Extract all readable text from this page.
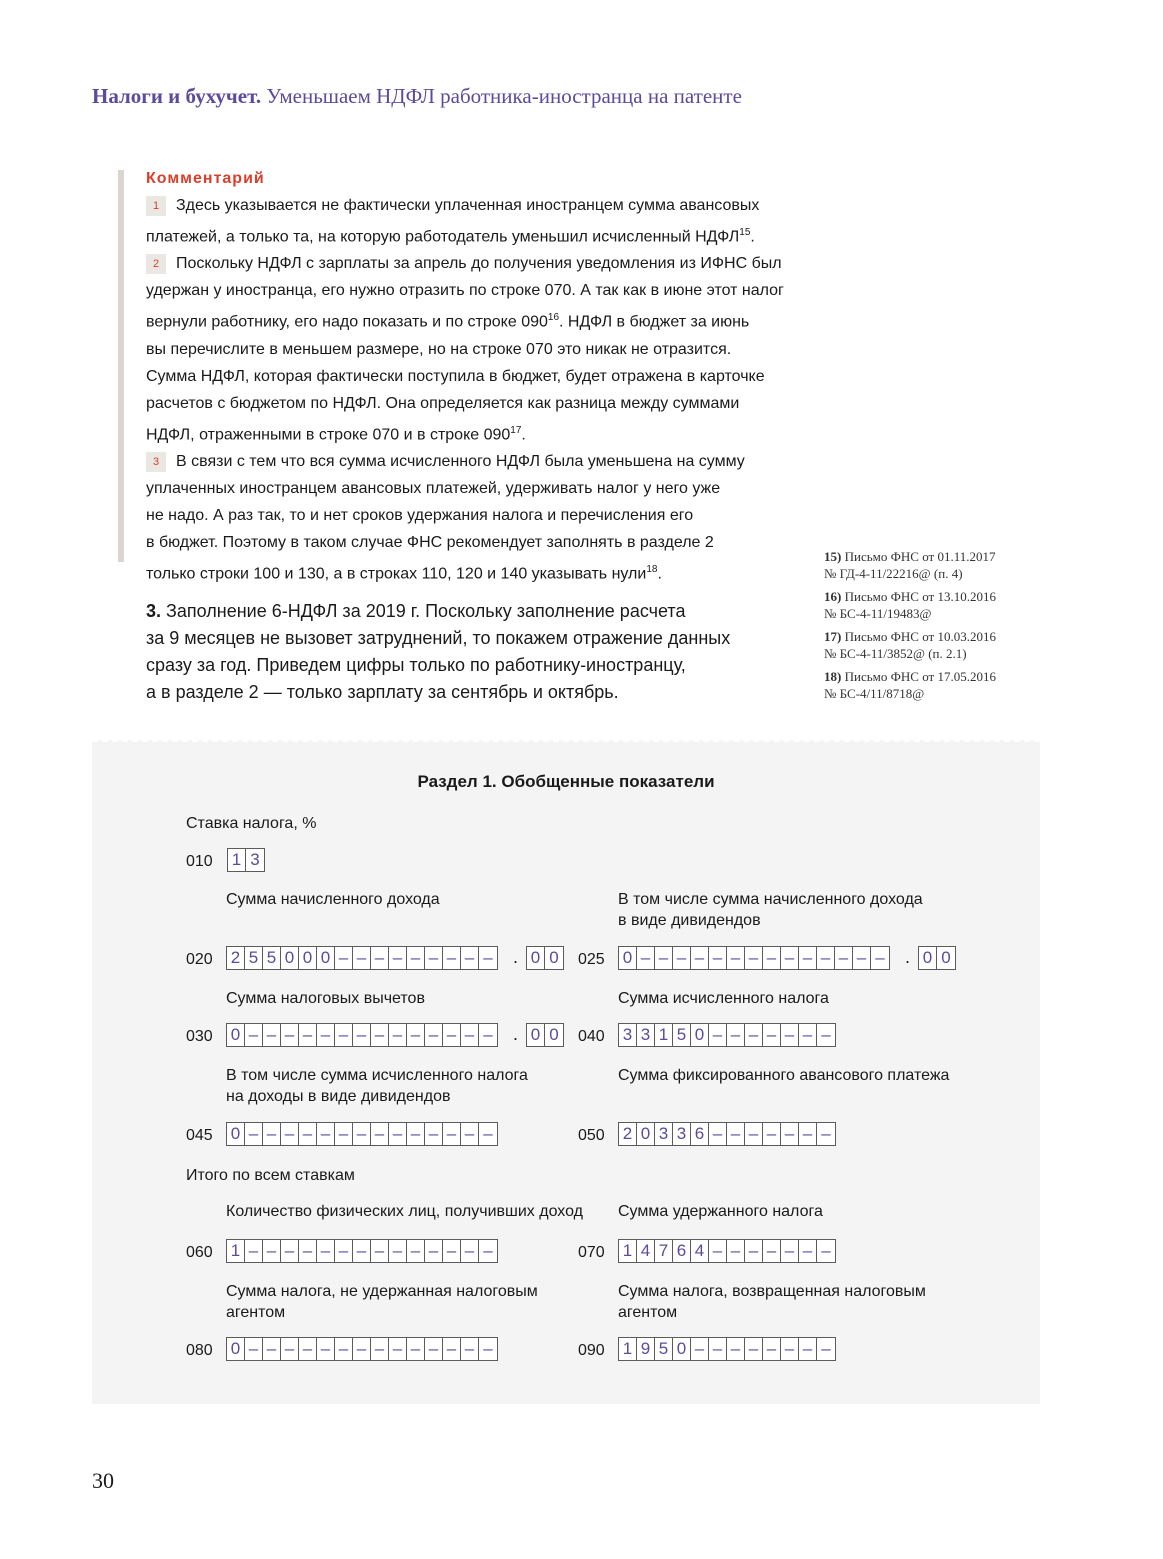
Налоги и бухучет. Уменьшаем НДФЛ работника-иностранца на патенте
Комментарий

1 Здесь указывается не фактически уплаченная иностранцем сумма авансовых

платежей, а только та, на которую работодатель уменьшил исчисленный НДФЛ$^{15}$.

2 Поскольку НДФЛ с зарплаты за апрель до получения уведомления из ИФНС был

удержан у иностранца, его нужно отразить по строке 070. А так как в июне этот налог

вернули работнику, его надо показать и по строке $090^{16}$. НДФЛ в бюджет за июнь

вы перечислите в меньшем размере, но на строке 070 это никак не отразится.

Сумма НДФЛ, которая фактически поступила в бюджет, будет отражена в карточке

расчетов с бюджетом по НДФЛ. Она определяется как разница между суммами

НДФЛ, отраженными в строке 070 и в строке $090^{17}$.

3 В связи с тем что вся сумма исчисленного НДФЛ была уменьшена на сумму

уплаченных иностранцем авансовых платежей, удерживать налог у него уже

не надо. А раз так, то и нет сроков удержания налога и перечисления его

в бюджет. Поэтому в таком случае ФНС рекомендует заполнять в разделе 2

только строки 100 и 130, а в строках 110, 120 и 140 указывать нули$^{18}$.

3. Заполнение 6-НДФЛ за 2019 г. Поскольку заполнение расчета
за 9 месяцев не вызовет затруднений, то покажем отражение данных
сразу за год. Приведем цифры только по работнику-иностранцу,
а в разделе 2 — только зарплату за сентябрь и октябрь.
15) Письмо ФНС от 01.11.2017
№ ГД-4-11/22216@ (п. 4)
16) Письмо ФНС от 13.10.2016
№ БС-4-11/19483@
17) Письмо ФНС от 10.03.2016
№ БС-4-11/3852@ (п. 2.1)
18) Письмо ФНС от 17.05.2016
№ БС-4/11/8718@
Раздел 1. Обобщенные показатели
Ставка налога, %
010 1 3
Сумма начисленного дохода
020 2 5 5 0 0 0 – – – – – – – – – . 0 0
В том числе сумма начисленного дохода
в виде дивидендов
025 0 – – – – – – – – – – – – – – . 0 0
Сумма налоговых вычетов
030 0 – – – – – – – – – – – – – – . 0 0
Сумма исчисленного налога
040 3 3 1 5 0 – – – – – – –
В том числе сумма исчисленного налога
на доходы в виде дивидендов
045 0 – – – – – – – – – – – – – –
Сумма фиксированного авансового платежа
050 2 0 3 3 6 – – – – – – –
Итого по всем ставкам
Количество физических лиц, получивших доход
060 1 – – – – – – – – – – – – – –
Сумма удержанного налога
070 1 4 7 6 4 – – – – – – –
Сумма налога, не удержанная налоговым
агентом
080 0 – – – – – – – – – – – – – –
Сумма налога, возвращенная налоговым
агентом
090 1 9 5 0 – – – – – – – –
30
